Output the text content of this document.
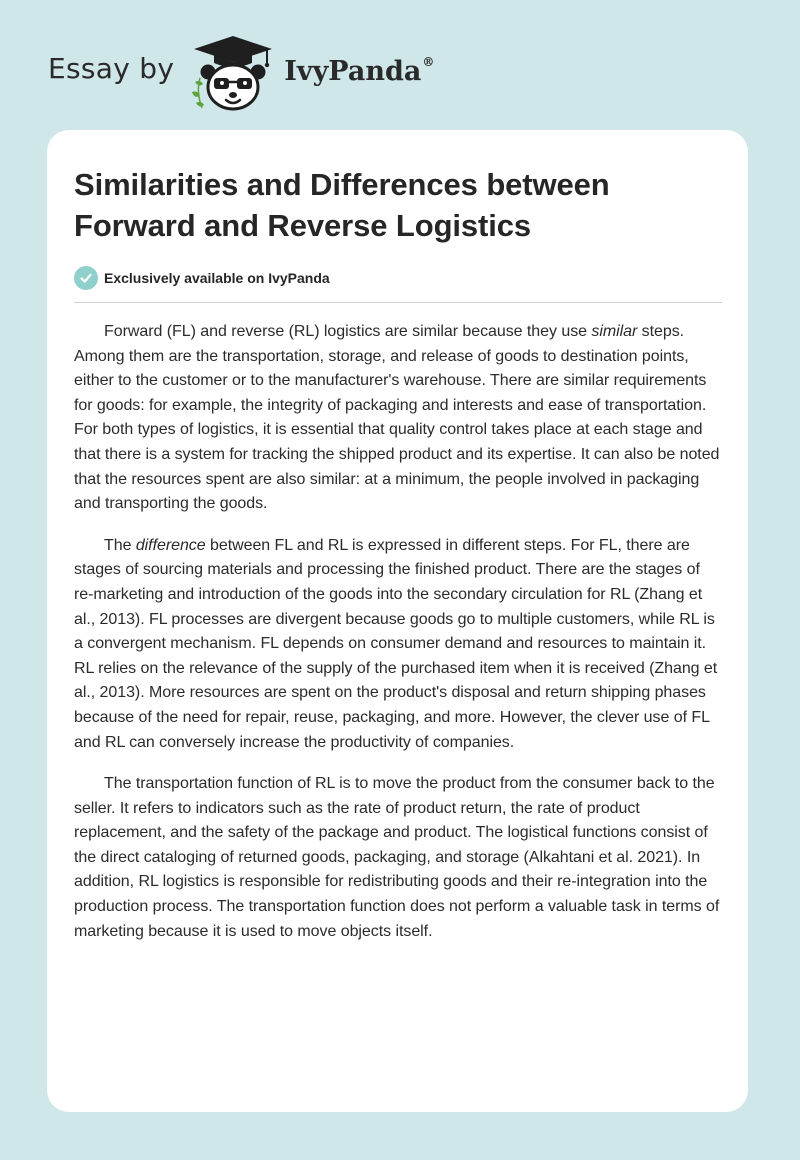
Essay by	IvyPanda®
Similarities and Differences between Forward and Reverse Logistics
Exclusively available on IvyPanda

Forward (FL) and reverse (RL) logistics are similar because they use similar steps. Among them are the transportation, storage, and release of goods to destination points, either to the customer or to the manufacturer's warehouse. There are similar requirements for goods: for example, the integrity of packaging and interests and ease of transportation. For both types of logistics, it is essential that quality control takes place at each stage and that there is a system for tracking the shipped product and its expertise. It can also be noted that the resources spent are also similar: at a minimum, the people involved in packaging and transporting the goods.

The difference between FL and RL is expressed in different steps. For FL, there are stages of sourcing materials and processing the finished product. There are the stages of re-marketing and introduction of the goods into the secondary circulation for RL (Zhang et al., 2013). FL processes are divergent because goods go to multiple customers, while RL is a convergent mechanism. FL depends on consumer demand and resources to maintain it. RL relies on the relevance of the supply of the purchased item when it is received (Zhang et al., 2013). More resources are spent on the product's disposal and return shipping phases because of the need for repair, reuse, packaging, and more. However, the clever use of FL and RL can conversely increase the productivity of companies.

The transportation function of RL is to move the product from the consumer back to the seller. It refers to indicators such as the rate of product return, the rate of product replacement, and the safety of the package and product. The logistical functions consist of the direct cataloging of returned goods, packaging, and storage (Alkahtani et al. 2021). In addition, RL logistics is responsible for redistributing goods and their re-integration into the production process. The transportation function does not perform a valuable task in terms of marketing because it is used to move objects itself.
